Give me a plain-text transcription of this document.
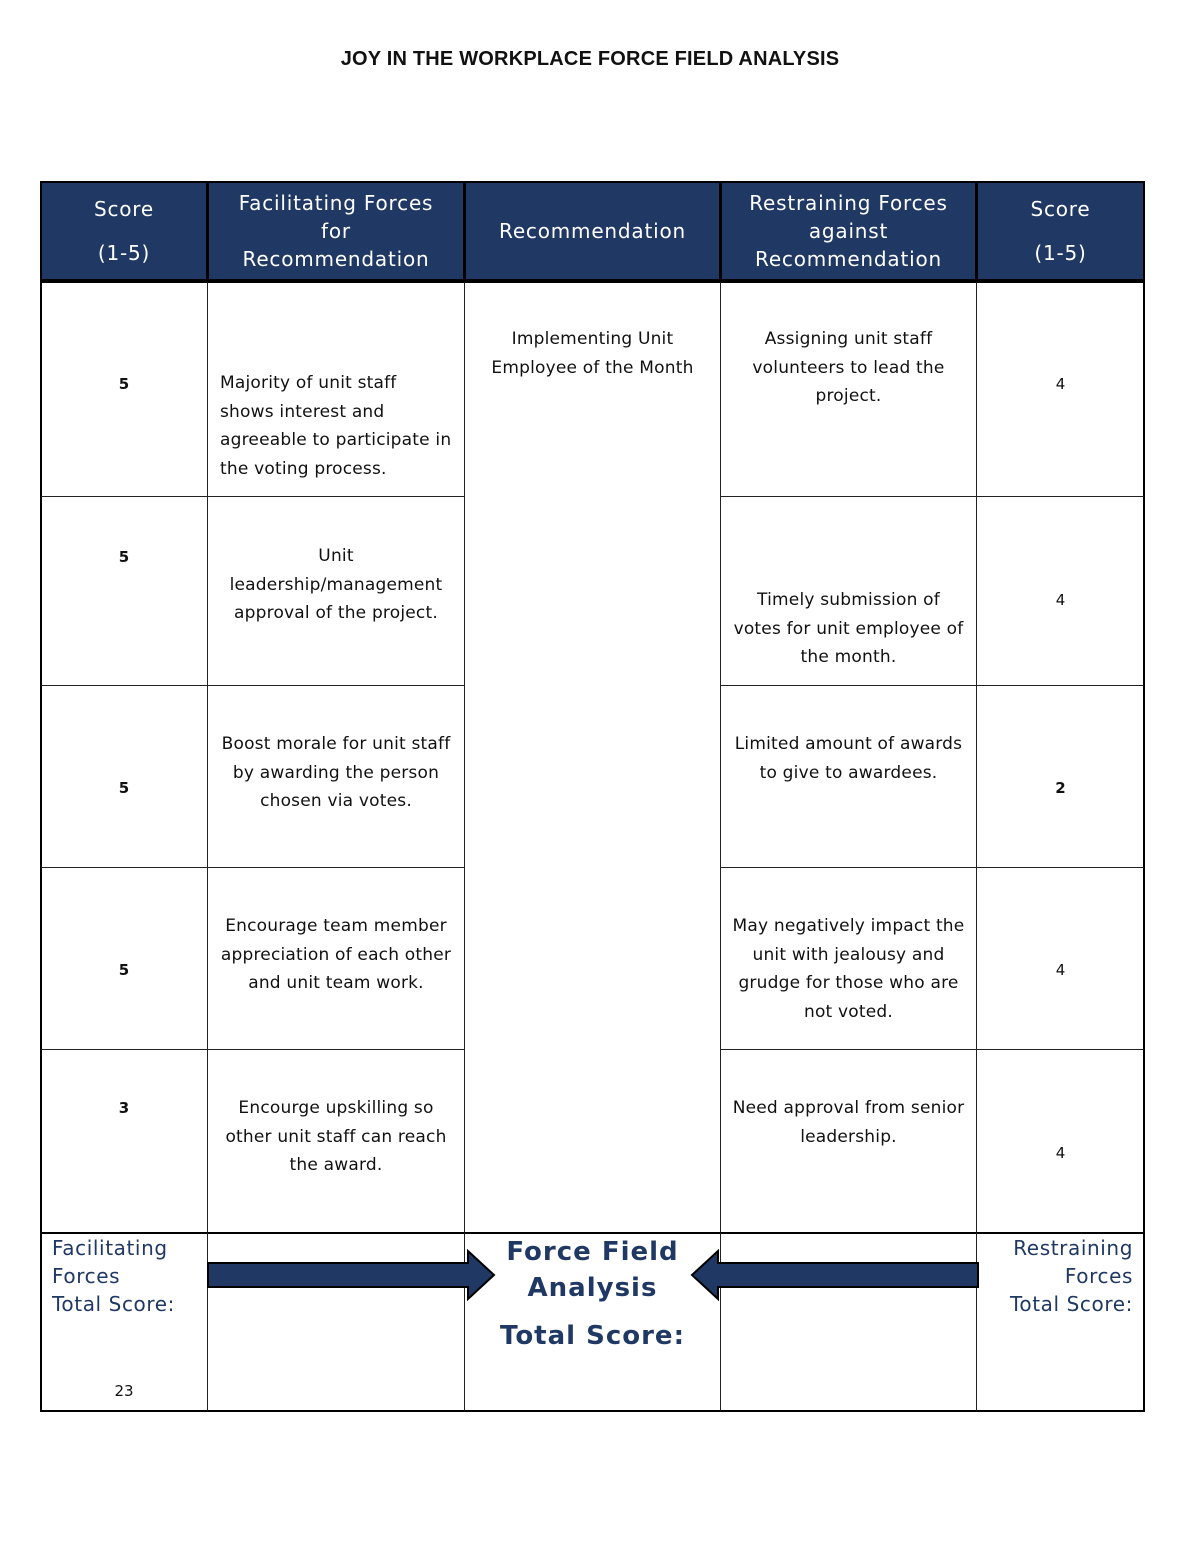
JOY IN THE WORKPLACE FORCE FIELD ANALYSIS
Score
(1-5)
Facilitating Forces
for
Recommendation
Recommendation
Restraining Forces
against
Recommendation
Score
(1-5)
5
5
5
5
3
Majority of unit staff
shows interest and
agreeable to participate in
the voting process.
Unit
leadership/management
approval of the project.
Boost morale for unit staff
by awarding the person
chosen via votes.
Encourage team member
appreciation of each other
and unit team work.
Encourge upskilling so
other unit staff can reach
the award.
Implementing Unit
Employee of the Month
Assigning unit staff
volunteers to lead the
project.
Timely submission of
votes for unit employee of
the month.
Limited amount of awards
to give to awardees.
May negatively impact the
unit with jealousy and
grudge for those who are
not voted.
Need approval from senior
leadership.
4
4
2
4
4
Facilitating
Forces
Total Score:
23
Restraining
Forces
Total Score:
Force Field
Analysis
Total Score:
